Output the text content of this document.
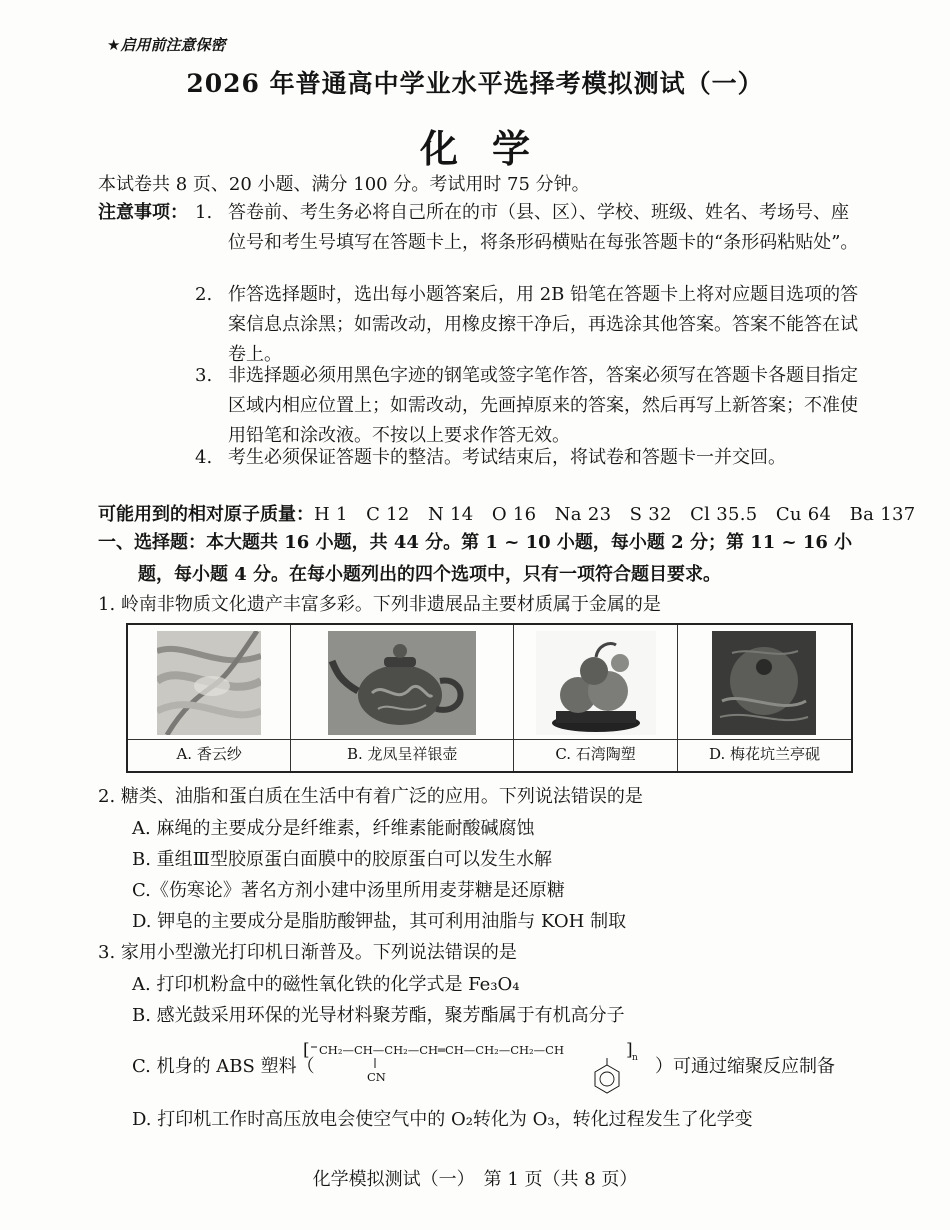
★启用前注意保密
2026 年普通高中学业水平选择考模拟测试（一）
化学
本试卷共 8 页、20 小题、满分 100 分。考试用时 75 分钟。
注意事项： 1. 答卷前、考生务必将自己所在的市（县、区）、学校、班级、姓名、考场号、座位号和考生号填写在答题卡上，将条形码横贴在每张答题卡的“条形码粘贴处”。
2. 作答选择题时，选出每小题答案后，用 2B 铅笔在答题卡上将对应题目选项的答案信息点涂黑；如需改动，用橡皮擦干净后，再选涂其他答案。答案不能答在试卷上。
3. 非选择题必须用黑色字迹的钢笔或签字笔作答，答案必须写在答题卡各题目指定区域内相应位置上；如需改动，先画掉原来的答案，然后再写上新答案；不准使用铅笔和涂改液。不按以上要求作答无效。
4. 考生必须保证答题卡的整洁。考试结束后，将试卷和答题卡一并交回。
可能用到的相对原子质量：H 1　C 12　N 14　O 16　Na 23　S 32　Cl 35.5　Cu 64　Ba 137
一、选择题：本大题共 16 小题，共 44 分。第 1 ~ 10 小题，每小题 2 分；第 11 ~ 16 小
题，每小题 4 分。在每小题列出的四个选项中，只有一项符合题目要求。
1. 岭南非物质文化遗产丰富多彩。下列非遗展品主要材质属于金属的是
A. 香云纱	B. 龙凤呈祥银壶	C. 石湾陶塑	D. 梅花坑兰亭砚
2. 糖类、油脂和蛋白质在生活中有着广泛的应用。下列说法错误的是
A. 麻绳的主要成分是纤维素，纤维素能耐酸碱腐蚀
B. 重组Ⅲ型胶原蛋白面膜中的胶原蛋白可以发生水解
C.《伤寒论》著名方剂小建中汤里所用麦芽糖是还原糖
D. 钾皂的主要成分是脂肪酸钾盐，其可利用油脂与 KOH 制取
3. 家用小型激光打印机日渐普及。下列说法错误的是
A. 打印机粉盒中的磁性氧化铁的化学式是 Fe₃O₄
B. 感光鼓采用环保的光导材料聚芳酯，聚芳酯属于有机高分子
C. 机身的 ABS 塑料（
[ CH₂—CH—CH₂—CH═CH—CH₂—CH₂—CH	] n
CN	）可通过缩聚反应制备
D. 打印机工作时高压放电会使空气中的 O₂转化为 O₃，转化过程发生了化学变
化学模拟测试（一）　第 1 页（共 8 页）
